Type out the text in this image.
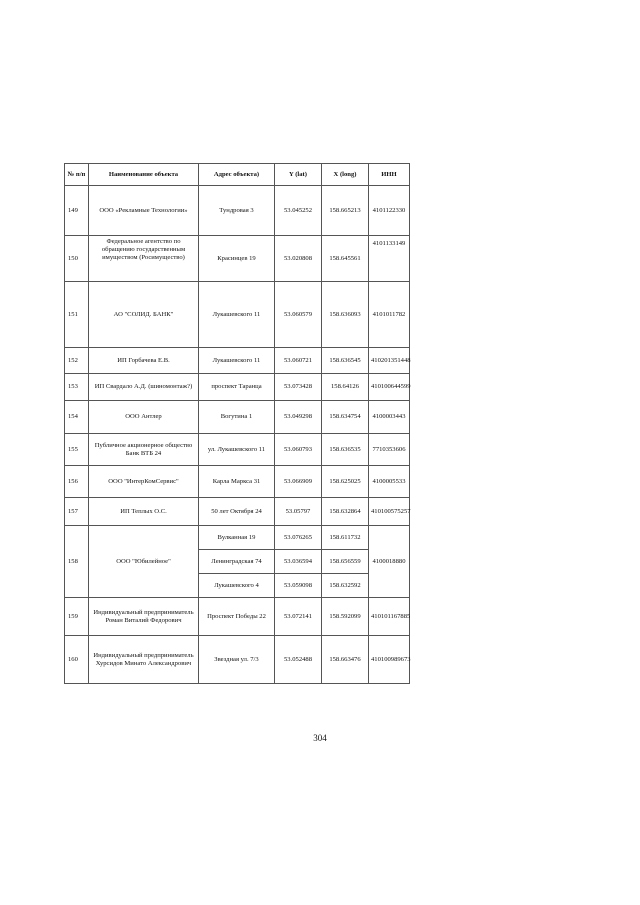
№ п/п	Наименование объекта	Адрес объекта)	Y (lat)	X (long)	ИНН
149	ООО «Рекламные Технологии»	Тундровая 3	53.045252	158.665213	4101122330
150	Федеральное агентство по обращению государственным имуществом (Росимущество)	Красинцев 19	53.020808	158.645561	4101133149
151	АО "СОЛИД. БАНК"	Лукашевского 11	53.060579	158.636093	4101011782
152	ИП Горбачева Е.В.	Лукашевского 11	53.060721	158.636545	410201351448
153	ИП Свардало А.Д. (шиномонтаж?)	проспект Таранца	53.073428	158.64126	410100644599
154	ООО Антлер	Вогутина 1	53.049298	158.634754	4100003443
155	Публичное акционерное общество Банк ВТБ 24	ул. Лукашевского 11	53.060793	158.636535	7710353606
156	ООО "ИнтерКомСервис"	Карла Маркса 31	53.066909	158.625025	4100005533
157	ИП Теплых О.С.	50 лет Октября 24	53.05797	158.632864	410100575257
158	ООО "Юбилейное"	Вулканная 19	53.076265	158.611732	4100018880
		Ленинградская 74	53.036594	158.656559	
		Лукашевского 4	53.059098	158.632592	
159	Индивидуальный предприниматель Роман Виталий Федорович	Проспект Победы 22	53.072141	158.592099	410101167885
160	Индивидуальный предприниматель Хурсидов Минато Александрович	Звездная ул. 7/3	53.052488	158.663476	410100989673
304
